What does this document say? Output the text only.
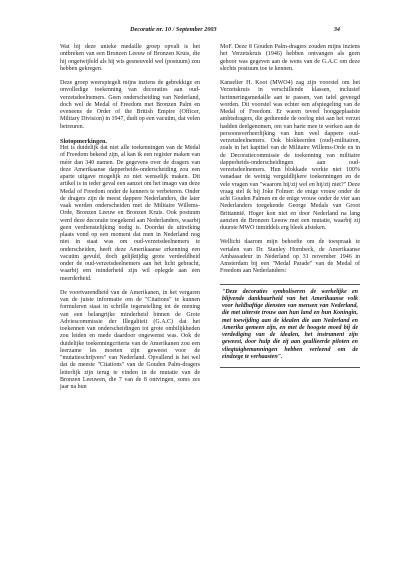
Decoratie nr. 10 / September 2003	34

Wat bij deze unieke medaille groep opvalt is het ontbreken van een Bronzen Leeuw of Bronzen Kruis, die hij ongetwijfeld als hij wis gesneuveld wel (postuum) zou hebben gekregen.

Deze groep weerspiegelt mijns inziens de gebrekkige en onvolledige toekenning van decoraties aan oud-verzetsdeelnemers. Geen onderscheiding van Nederland, doch wel de Medal of Freedom met Bronzen Palm en eveneens de Order of the British Empire (Officer, Military Division) in 1947, dudt op een vacuüm, dat velen betreuren.

Slotopmerkingen.

Het is duidelijk dat niet alle toekenningen van de Medal of Freedom bekend zijn, al kan ik een register maken van méér dan 340 namen. De gegevens over de dragers van deze Amerikaanse dapperheids-onderscheiding zou een aparte uitgave mogelijk zo niet wenselijk maken. Dit artikel is in ieder geval een aanzet om het imago van deze Medal of Freedom onder de kenners te verbeteren. Onder de dragers zijn de meest dappere Nederlanders, die later vaak werden onderscheiden met de Militaire Willems-Orde, Bronzen Leeuw en Bronzen Kruis. Ook postuum werd deze decoratie toegekend aan Nederlanders, waarbij geen verdienstelijking nodig is. Doordat de uitreiking plaats vond op een moment dat men in Nederland nog niet in staat was om oud-verzetsdeelnemers te onderscheiden, heeft deze Amerikaanse erkenning een vacuüm gevuld, doch gelijktijdig grote verdeeldheid onder de oud-verzetsdeelnemers aan het licht gebracht, waarbij een minderheid zijn wil oplegde aan een meerderheid.

De voortvarendheid van de Amerikanen, in het vergaren van de juiste informatie om de "Citations" te kunnen formuleren staat in schrille tegenstelling tot de mening van een belangrijke minderheid binnen de Grote Adviescommissie der Illegaliteit (G.A.C) dat het toekennen van onderscheidingen tot grote ombilijkheden zou leiden en mede daardoor ongewenst was. Ook de duidelijke toekenningcriteria van de Amerikanen zou een leerzame les moeten zijn geweest voor de "mutatieschrijvers" van Nederland. Opvallend is het wel dat de meeste "Citations" van de Gouden Palm-dragers letterlijk zijn terug te vinden in de mutatie van de Bronzen Leeuwen, die 7 van de 8 ontvingen, soms zes jaar na hun

MoF. Deze 8 Gouden Palm-dragers zouden mijns inziens het Verzetskruis (1946) hebben ontvangen als geen gehoor was gegeven aan de wens van de G.A.C om deze slechts postuum toe te kennen.

Kanselier H. Koot (MWO4) zag zijn voorstel om het Verzetskruis in verschillende klassen, inclusief herinneringsmedaille aan te passen, van tafel geveegd worden. Dit voorstel was echter een afspiegeling van de Medal of Freedom. Er waren teveel hooggeplaatste ambtsdragers, die gedurende de oorlog niet aan het verzet hadden deelgenomen, om van harte mee te werken aan de persoonsverheerlijking van hun veel dappere oud-verzetsdeelnemers. Ook blokkeerden (oud)-militairen, zoals in het kapittel van de Militaire Willems-Orde en in de Decoratiecommissie de toekenning van militaire dapperheids-onderscheidingen aan oud-verzetsdeelnemers. Hun blokkade werkte niet 100% vanadaar de weinig verguldlijkere toekenningen en de vele vragen van "waarom hij/zij wel en hij/zij niet?" Deze vraag stel ik bij Joke Folmer: de enige vrouw onder de acht Gouden Palmen en de enige vrouw onder de vier aan Nederlanders toegekende George Medals van Groot Brittannië. Hoger kon niet en door Nederland na lang aanzien de Bronzen Leeuw met een mutatie, waarbij zij duurste MWO inmiddels erg bleek afsteken.

Wellicht daarom mijn behoefte om de toespraak te vertalen van Dr. Stanley Hornbeck, de Amerikaanse Ambassadeur in Nederland op 31 november 1946 in Amsterdam bij een "Medal Parade" van de Medal of Freedom aan Nederlanders:

"Deze decoraties symboliseren de werkelijke en blijvende dankbaarheid van het Amerikaanse volk voor heldhaftige diensten van mensen van Nederland, die met uiterste trouw aan hun land en hun Koningin, met toewijding aan de idealen die aan Nederland en Amerika gemeen zijn, en met de hoogste moed bij de verdediging van de idealen, het instrument zijn geweest, door hulp die zij aan geallieerde piloten en vliegtuigbemanningen hebben verleend om de eindzege te verhaasten".
